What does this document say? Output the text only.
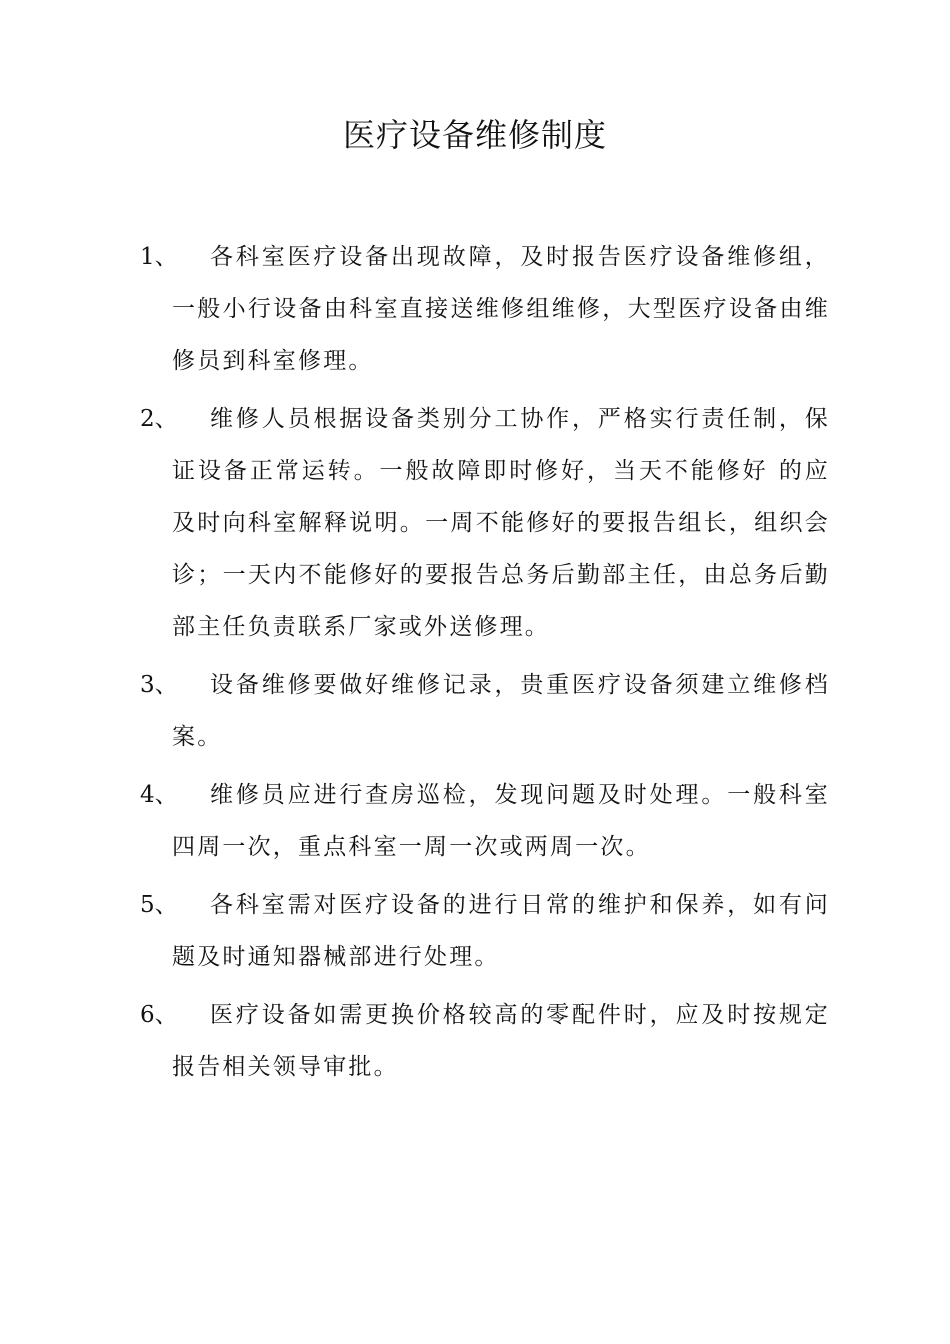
医疗设备维修制度
1、	各科室医疗设备出现故障，及时报告医疗设备维修组，一般小行设备由科室直接送维修组维修，大型医疗设备由维修员到科室修理。
2、	维修人员根据设备类别分工协作，严格实行责任制，保证设备正常运转。一般故障即时修好，当天不能修好 的应及时向科室解释说明。一周不能修好的要报告组长，组织会诊；一天内不能修好的要报告总务后勤部主任，由总务后勤部主任负责联系厂家或外送修理。
3、	设备维修要做好维修记录，贵重医疗设备须建立维修档案。
4、	维修员应进行查房巡检，发现问题及时处理。一般科室四周一次，重点科室一周一次或两周一次。
5、	各科室需对医疗设备的进行日常的维护和保养，如有问题及时通知器械部进行处理。
6、	医疗设备如需更换价格较高的零配件时，应及时按规定报告相关领导审批。
